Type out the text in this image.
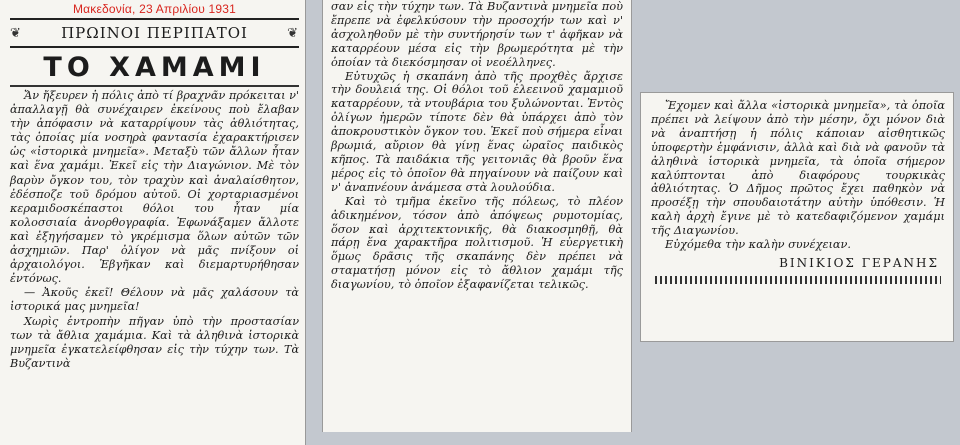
Μακεδονία, 23 Απριλίου 1931
❦	ΠΡΩΙΝΟΙ ΠΕΡΙΠΑΤΟΙ	❦
ΤΟ ΧΑΜΑΜΙ

Ἄν ἤξευρεν ἡ πόλις ἀπὸ τί βραχνᾶν πρόκειται ν' ἀπαλλαγῇ θὰ συνέχαιρεν ἐκείνους ποὺ ἔλαβαν τὴν ἀπόφασιν νὰ καταρρίψουν τὰς ἀθλιότητας, τὰς ὁποίας μία νοσηρὰ φαντασία ἐχαρακτήρισεν ὡς «ἱστορικὰ μνημεῖα». Μεταξὺ τῶν ἄλλων ἦταν καὶ ἕνα χαμάμι. Ἐκεῖ εἰς τὴν Διαγώνιον. Μὲ τὸν βαρὺν ὄγκον του, τὸν τραχὺν καὶ ἀναλαίσθητον, ἐδέσποζε τοῦ δρόμου αὐτοῦ. Οἱ χορταριασμένοι κεραμιδοσκέπαστοι θόλοι του ἦταν μία κολοσσιαία ἀνορθογραφία. Ἐφωνάξαμεν ἄλλοτε καὶ ἐξηγήσαμεν τὸ γκρέμισμα ὅλων αὐτῶν τῶν ἀσχημιῶν. Παρ' ὀλίγον νὰ μᾶς πνίξουν οἱ ἀρχαιολόγοι. Ἐβγῆκαν καὶ διεμαρτυρήθησαν ἐντόνως.

— Ἀκοῦς ἐκεῖ! Θέλουν νὰ μᾶς χαλάσουν τὰ ἱστορικά μας μνημεῖα!

Χωρὶς ἐντροπὴν πῆγαν ὑπὸ τὴν προστασίαν των τὰ ἄθλια χαμάμια. Καὶ τὰ ἀληθινὰ ἱστορικὰ μνημεῖα ἐγκατελείφθησαν εἰς τὴν τύχην των. Τὰ Βυζαντινὰ

σαν εἰς τὴν τύχην των. Τὰ Βυζαντινὰ μνημεῖα ποὺ ἔπρεπε νὰ ἐφελκύσουν τὴν προσοχήν των καὶ ν' ἀσχοληθοῦν μὲ τὴν συντήρησίν των τ' ἀφῆκαν νὰ καταρρέουν μέσα εἰς τὴν βρωμερότητα μὲ τὴν ὁποίαν τὰ διεκόσμησαν οἱ νεοέλληνες.

Εὐτυχῶς ἡ σκαπάνη ἀπὸ τῆς προχθὲς ἄρχισε τὴν δουλειά της. Οἱ θόλοι τοῦ ἐλεεινοῦ χαμαμιοῦ καταρρέουν, τὰ ντουβάρια του ξυλώνονται. Ἐντὸς ὀλίγων ἡμερῶν τίποτε δὲν θὰ ὑπάρχει ἀπὸ τὸν ἀποκρουστικὸν ὄγκον του. Ἐκεῖ ποὺ σήμερα εἶναι βρωμιά, αὔριον θὰ γίνῃ ἕνας ὡραῖος παιδικὸς κῆπος. Τὰ παιδάκια τῆς γειτονιᾶς θὰ βροῦν ἕνα μέρος εἰς τὸ ὁποῖον θὰ πηγαίνουν νὰ παίζουν καὶ ν' ἀναπνέουν ἀνάμεσα στὰ λουλούδια.

Καὶ τὸ τμῆμα ἐκεῖνο τῆς πόλεως, τὸ πλέον ἀδικημένον, τόσον ἀπὸ ἀπόψεως ρυμοτομίας, ὅσον καὶ ἀρχιτεκτονικῆς, θὰ διακοσμηθῇ, θὰ πάρῃ ἕνα χαρακτῆρα πολιτισμοῦ. Ἡ εὐεργετικὴ ὅμως δρᾶσις τῆς σκαπάνης δὲν πρέπει νὰ σταματήσῃ μόνον εἰς τὸ ἄθλιον χαμάμι τῆς διαγωνίου, τὸ ὁποῖον ἐξαφανίζεται τελικῶς.

Ἔχομεν καὶ ἄλλα «ἱστορικὰ μνημεῖα», τὰ ὁποῖα πρέπει νὰ λείψουν ἀπὸ τὴν μέσην, ὄχι μόνον διὰ νὰ ἀναπτήσῃ ἡ πόλις κάποιαν αἰσθητικῶς ὑποφερτὴν ἐμφάνισιν, ἀλλὰ καὶ διὰ νὰ φανοῦν τὰ ἀληθινὰ ἱστορικὰ μνημεῖα, τὰ ὁποῖα σήμερον καλύπτονται ἀπὸ διαφόρους τουρκικὰς ἀθλιότητας. Ὁ Δῆμος πρῶτος ἔχει παθηκὸν νὰ προσέξῃ τὴν σπουδαιοτάτην αὐτὴν ὑπόθεσιν. Ἡ καλὴ ἀρχὴ ἔγινε μὲ τὸ κατεδαφιζόμενον χαμάμι τῆς Διαγωνίου.

Εὐχόμεθα τὴν καλὴν συνέχειαν.

ΒΙΝΙΚΙΟΣ ΓΕΡΑΝΗΣ
